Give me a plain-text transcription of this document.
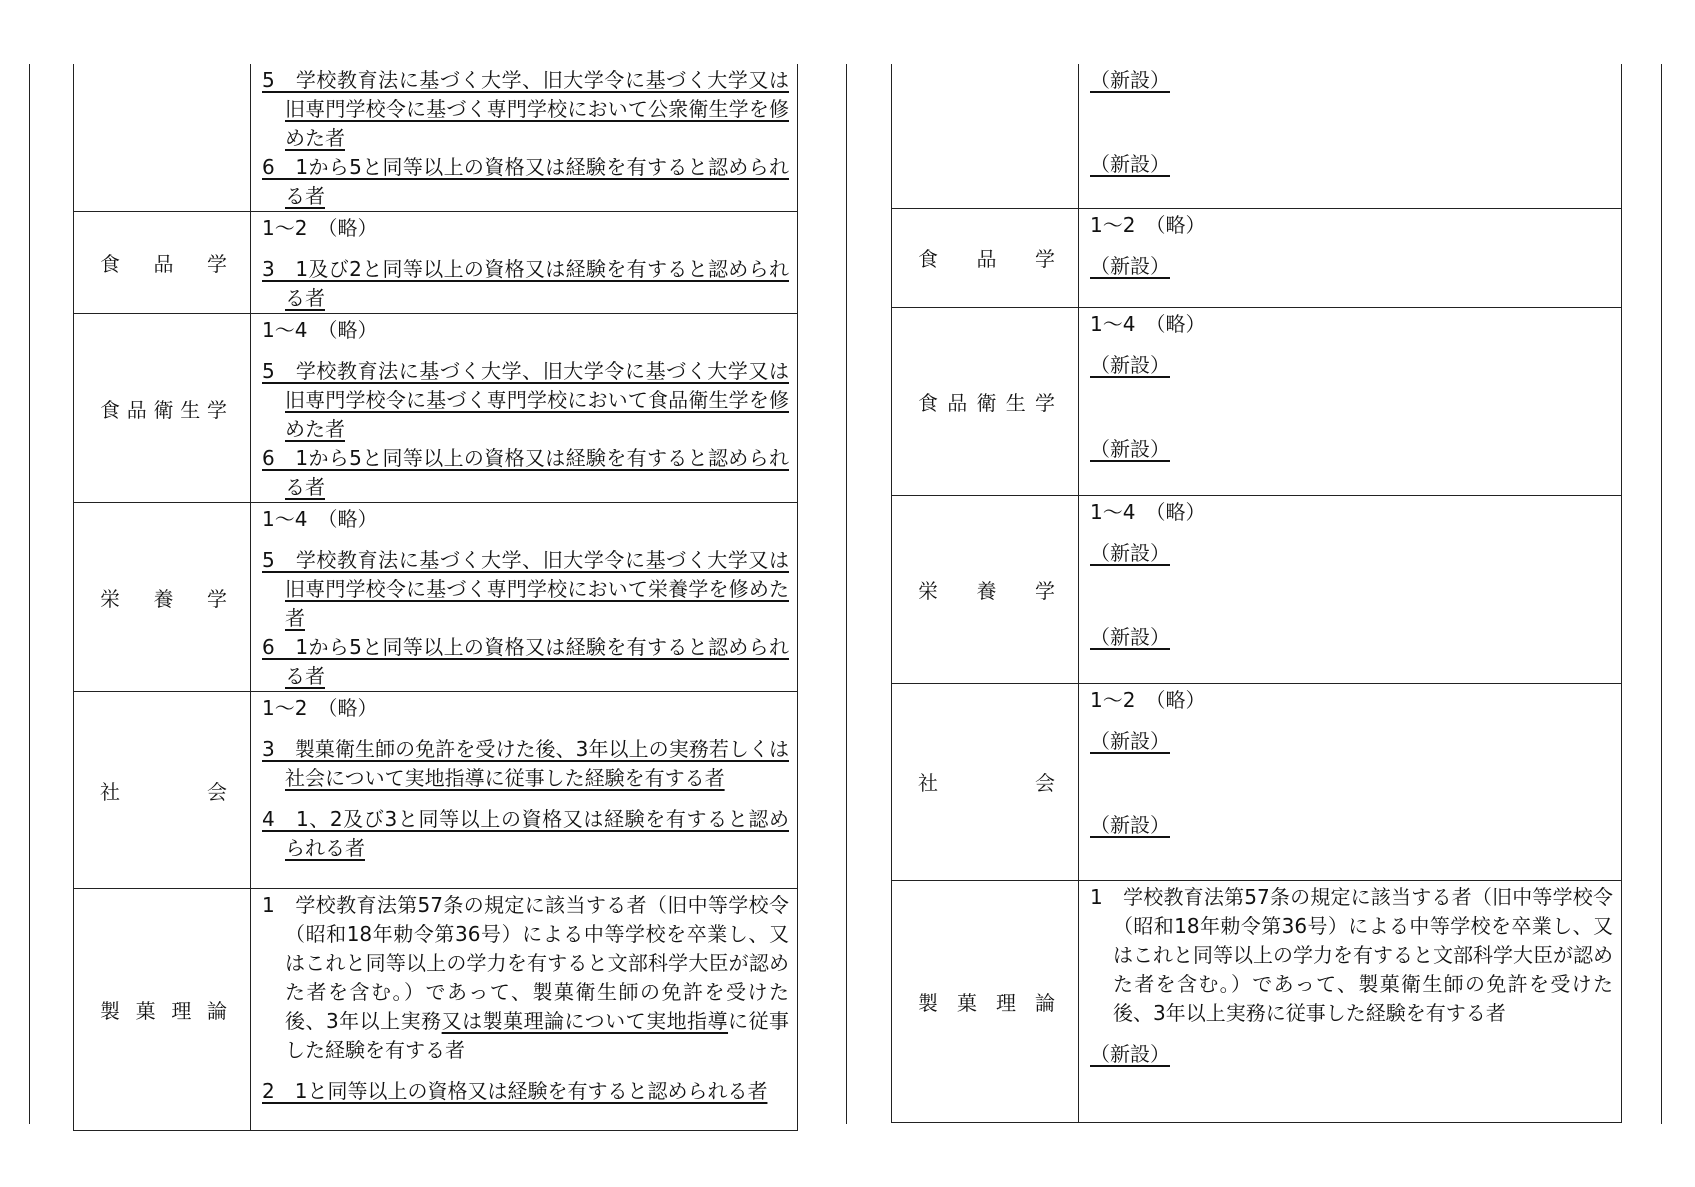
	5　学校教育法に基づく大学、旧大学令に基づく大学又は旧専門学校令に基づく専門学校において公衆衛生学を修めた者
6　1から5と同等以上の資格又は経験を有すると認められる者

食 品 学	1～2　（略）
3　1及び2と同等以上の資格又は経験を有すると認められる者

食 品 衛 生 学	1～4　（略）
5　学校教育法に基づく大学、旧大学令に基づく大学又は旧専門学校令に基づく専門学校において食品衛生学を修めた者
6　1から5と同等以上の資格又は経験を有すると認められる者

栄 養 学	1～4　（略）
5　学校教育法に基づく大学、旧大学令に基づく大学又は旧専門学校令に基づく専門学校において栄養学を修めた者
6　1から5と同等以上の資格又は経験を有すると認められる者

社 会	1～2　（略）
3　製菓衛生師の免許を受けた後、3年以上の実務若しくは社会について実地指導に従事した経験を有する者
4　1、2及び3と同等以上の資格又は経験を有すると認められる者

製 菓 理 論	1　学校教育法第57条の規定に該当する者（旧中等学校令（昭和18年勅令第36号）による中等学校を卒業し、又はこれと同等以上の学力を有すると文部科学大臣が認めた者を含む。）であって、製菓衛生師の免許を受けた後、3年以上実務又は製菓理論について実地指導に従事した経験を有する者
2　1と同等以上の資格又は経験を有すると認められる者

	（新設）
（新設）

食 品 学	1～2　（略）
（新設）

食 品 衛 生 学	1～4　（略）
（新設）
（新設）

栄 養 学	1～4　（略）
（新設）
（新設）

社 会	1～2　（略）
（新設）
（新設）

製 菓 理 論	1　学校教育法第57条の規定に該当する者（旧中等学校令（昭和18年勅令第36号）による中等学校を卒業し、又はこれと同等以上の学力を有すると文部科学大臣が認めた者を含む。）であって、製菓衛生師の免許を受けた後、3年以上実務に従事した経験を有する者
（新設）
